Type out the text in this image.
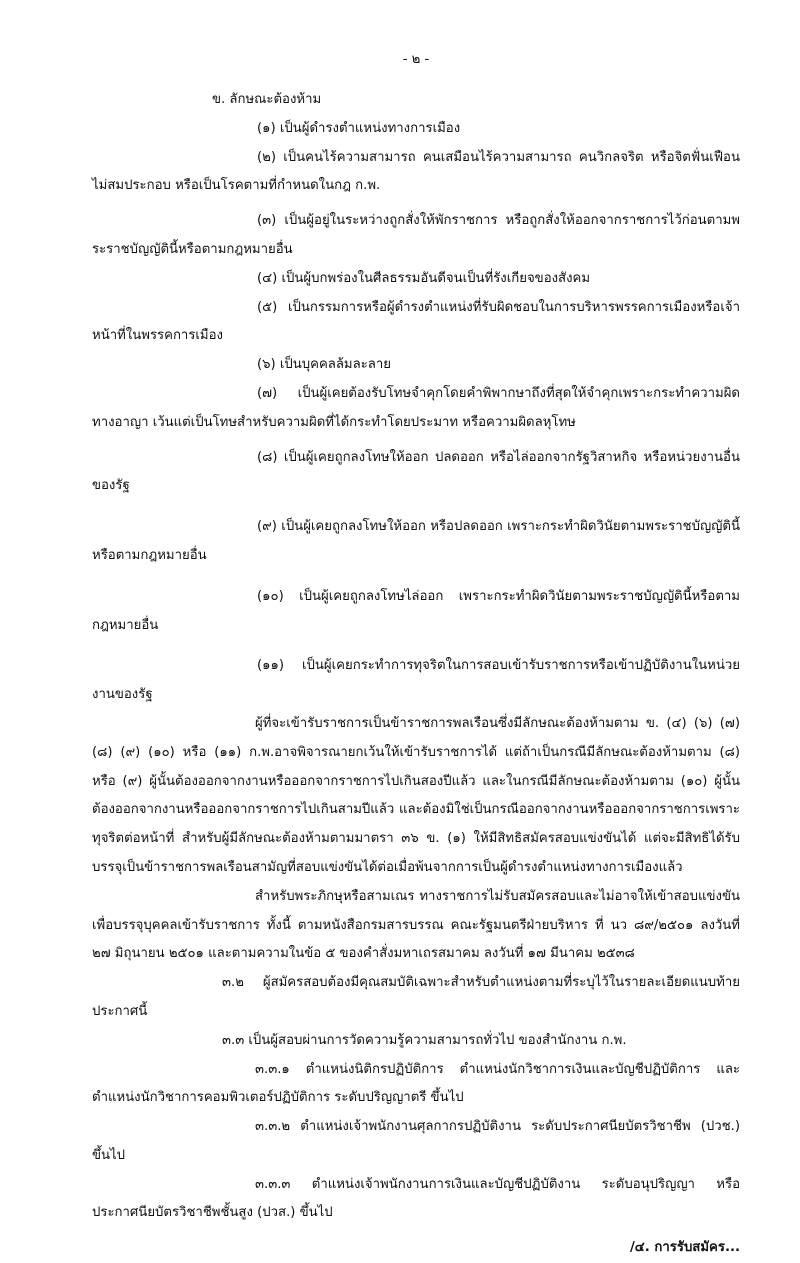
- ๒ -

ข. ลักษณะต้องห้าม

(๑) เป็นผู้ดำรงตำแหน่งทางการเมือง

(๒) เป็นคนไร้ความสามารถ คนเสมือนไร้ความสามารถ คนวิกลจริต หรือจิตฟั่นเฟือนไม่สมประกอบ หรือเป็นโรคตามที่กำหนดในกฎ ก.พ.

(๓) เป็นผู้อยู่ในระหว่างถูกสั่งให้พักราชการ หรือถูกสั่งให้ออกจากราชการไว้ก่อนตามพระราชบัญญัตินี้หรือตามกฎหมายอื่น

(๔) เป็นผู้บกพร่องในศีลธรรมอันดีจนเป็นที่รังเกียจของสังคม

(๕) เป็นกรรมการหรือผู้ดำรงตำแหน่งที่รับผิดชอบในการบริหารพรรคการเมืองหรือเจ้าหน้าที่ในพรรคการเมือง

(๖) เป็นบุคคลล้มละลาย

(๗) เป็นผู้เคยต้องรับโทษจำคุกโดยคำพิพากษาถึงที่สุดให้จำคุกเพราะกระทำความผิดทางอาญา เว้นแต่เป็นโทษสำหรับความผิดที่ได้กระทำโดยประมาท หรือความผิดลหุโทษ

(๘) เป็นผู้เคยถูกลงโทษให้ออก ปลดออก หรือไล่ออกจากรัฐวิสาหกิจ หรือหน่วยงานอื่นของรัฐ

(๙) เป็นผู้เคยถูกลงโทษให้ออก หรือปลดออก เพราะกระทำผิดวินัยตามพระราชบัญญัตินี้หรือตามกฎหมายอื่น

(๑๐) เป็นผู้เคยถูกลงโทษไล่ออก เพราะกระทำผิดวินัยตามพระราชบัญญัตินี้หรือตามกฎหมายอื่น

(๑๑) เป็นผู้เคยกระทำการทุจริตในการสอบเข้ารับราชการหรือเข้าปฏิบัติงานในหน่วยงานของรัฐ

ผู้ที่จะเข้ารับราชการเป็นข้าราชการพลเรือนซึ่งมีลักษณะต้องห้ามตาม ข. (๔) (๖) (๗) (๘) (๙) (๑๐) หรือ (๑๑) ก.พ.อาจพิจารณายกเว้นให้เข้ารับราชการได้ แต่ถ้าเป็นกรณีมีลักษณะต้องห้ามตาม (๘) หรือ (๙) ผู้นั้นต้องออกจากงานหรือออกจากราชการไปเกินสองปีแล้ว และในกรณีมีลักษณะต้องห้ามตาม (๑๐) ผู้นั้นต้องออกจากงานหรือออกจากราชการไปเกินสามปีแล้ว และต้องมิใช่เป็นกรณีออกจากงานหรือออกจากราชการเพราะทุจริตต่อหน้าที่ สำหรับผู้มีลักษณะต้องห้ามตามมาตรา ๓๖ ข. (๑) ให้มีสิทธิสมัครสอบแข่งขันได้ แต่จะมีสิทธิได้รับบรรจุเป็นข้าราชการพลเรือนสามัญที่สอบแข่งขันได้ต่อเมื่อพ้นจากการเป็นผู้ดำรงตำแหน่งทางการเมืองแล้ว

สำหรับพระภิกษุหรือสามเณร ทางราชการไม่รับสมัครสอบและไม่อาจให้เข้าสอบแข่งขันเพื่อบรรจุบุคคลเข้ารับราชการ ทั้งนี้ ตามหนังสือกรมสารบรรณ คณะรัฐมนตรีฝ่ายบริหาร ที่ นว ๘๙/๒๕๐๑ ลงวันที่ ๒๗ มิถุนายน ๒๕๐๑ และตามความในข้อ ๕ ของคำสั่งมหาเถรสมาคม ลงวันที่ ๑๗ มีนาคม ๒๕๓๘

๓.๒ ผู้สมัครสอบต้องมีคุณสมบัติเฉพาะสำหรับตำแหน่งตามที่ระบุไว้ในรายละเอียดแนบท้ายประกาศนี้

๓.๓ เป็นผู้สอบผ่านการวัดความรู้ความสามารถทั่วไป ของสำนักงาน ก.พ.

๓.๓.๑ ตำแหน่งนิติกรปฏิบัติการ ตำแหน่งนักวิชาการเงินและบัญชีปฏิบัติการ และตำแหน่งนักวิชาการคอมพิวเตอร์ปฏิบัติการ ระดับปริญญาตรี ขึ้นไป

๓.๓.๒ ตำแหน่งเจ้าพนักงานศุลกากรปฏิบัติงาน ระดับประกาศนียบัตรวิชาชีพ (ปวช.) ขึ้นไป

๓.๓.๓ ตำแหน่งเจ้าพนักงานการเงินและบัญชีปฏิบัติงาน ระดับอนุปริญญา หรือประกาศนียบัตรวิชาชีพชั้นสูง (ปวส.) ขึ้นไป

/๔. การรับสมัคร...
